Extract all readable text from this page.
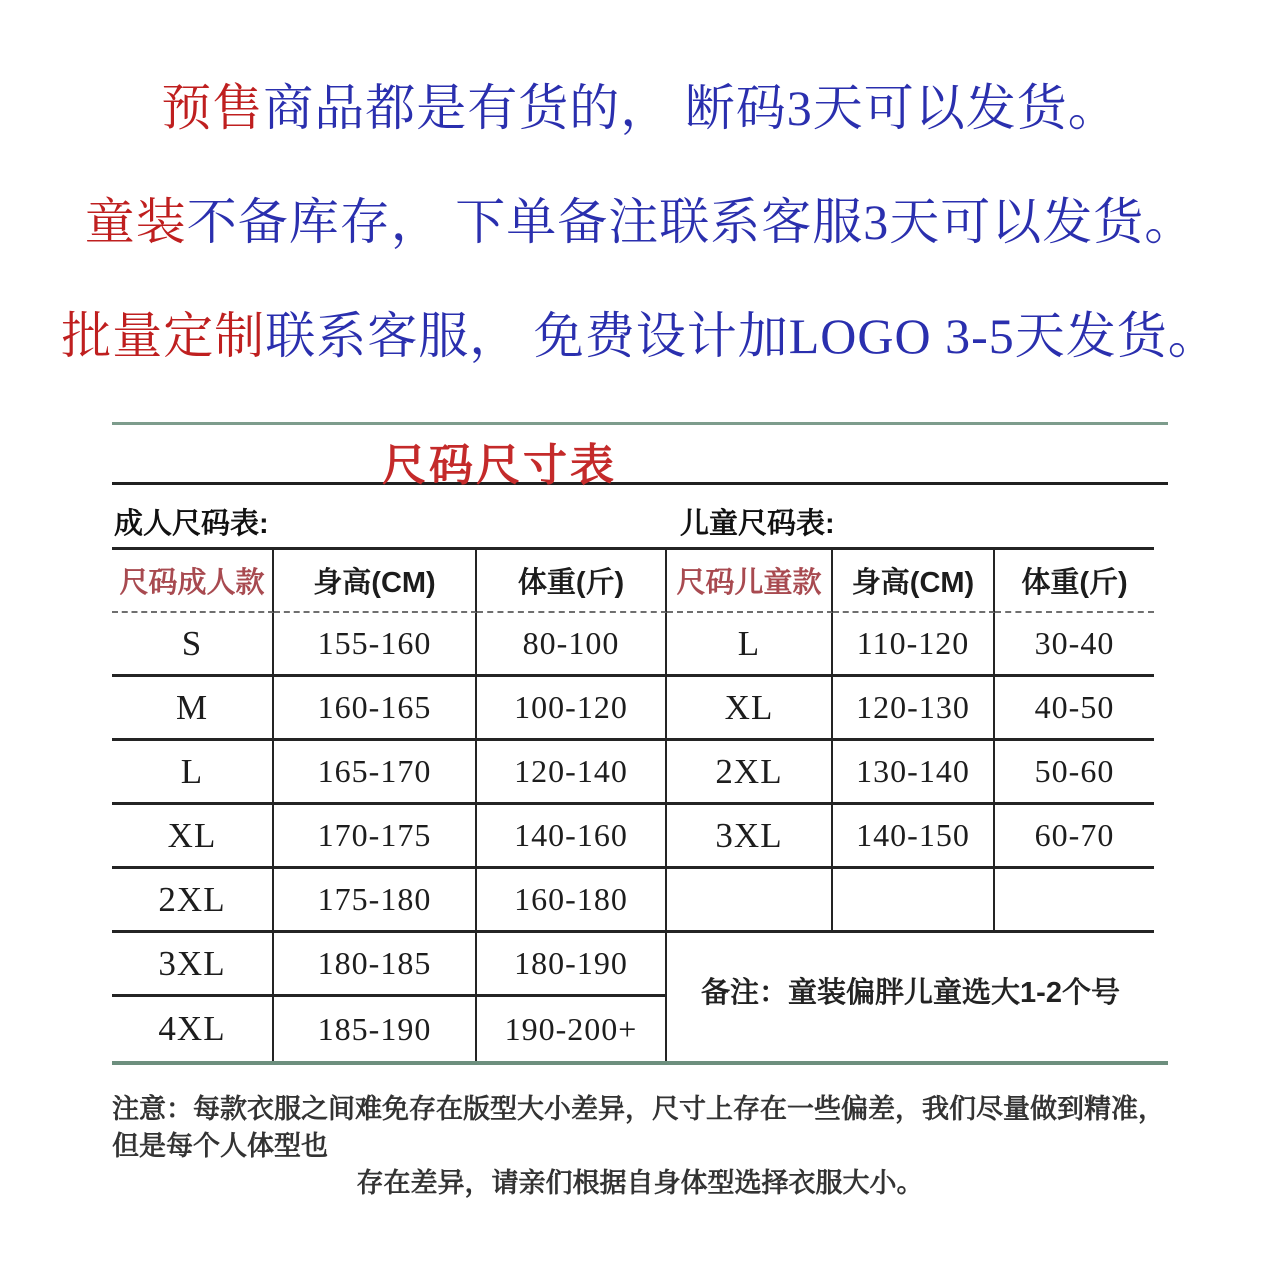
预售商品都是有货的， 断码3天可以发货。

童装不备库存， 下单备注联系客服3天可以发货。

批量定制联系客服， 免费设计加LOGO 3-5天发货。

尺码尺寸表
成人尺码表:	儿童尺码表:
尺码成人款	身高(CM)	体重(斤)	尺码儿童款	身高(CM)	体重(斤)
S	155-160	80-100	L	110-120	30-40
M	160-165	100-120	XL	120-130	40-50
L	165-170	120-140	2XL	130-140	50-60
XL	170-175	140-160	3XL	140-150	60-70
2XL	175-180	160-180
备注：童装偏胖儿童选大1-2个号
3XL	180-185	180-190
4XL	185-190	190-200+
注意：每款衣服之间难免存在版型大小差异，尺寸上存在一些偏差，我们尽量做到精准，但是每个人体型也
存在差异，请亲们根据自身体型选择衣服大小。
